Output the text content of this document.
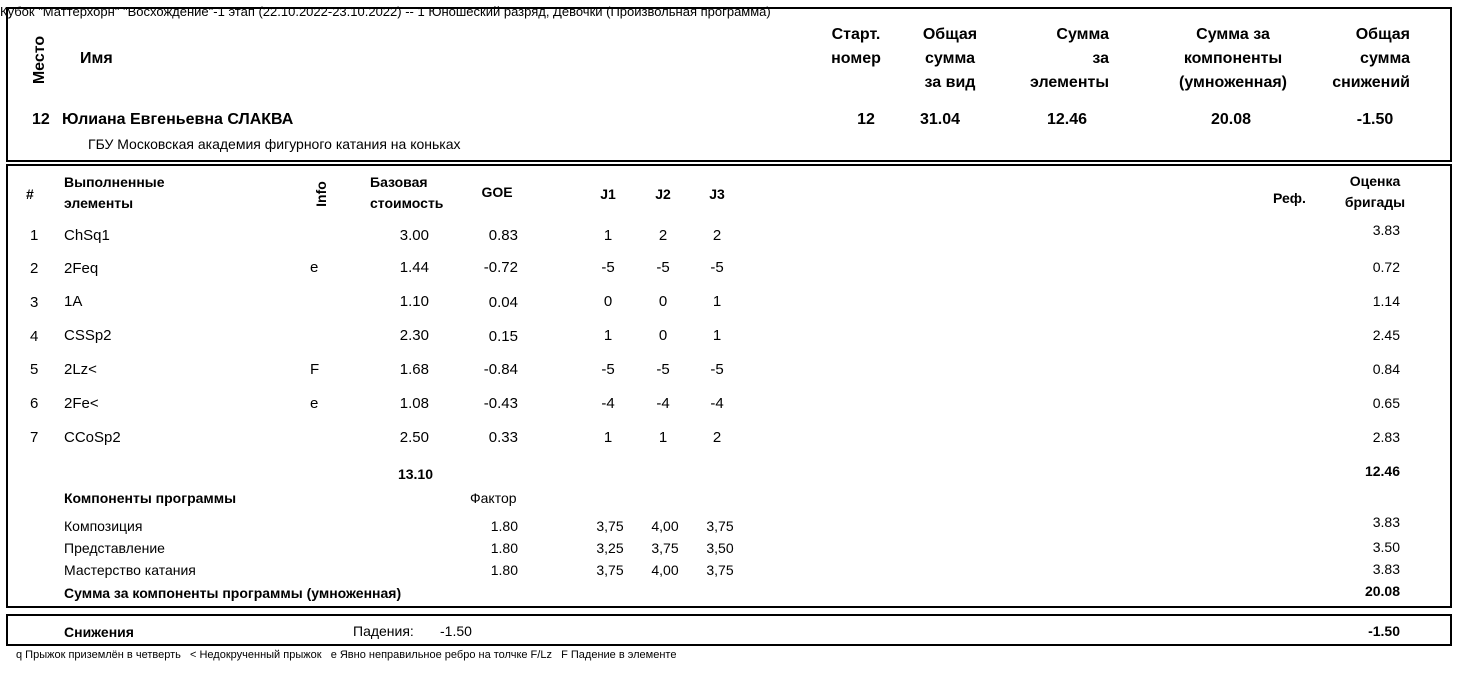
Кубок "Маттерхорн" "Восхождение"-1 этап (22.10.2022-23.10.2022) -- 1 Юношеский разряд, Девочки (Произвольная программа)
Место Имя
Старт.
номер
Общая
сумма
за вид
Сумма
за
элементы
Сумма за
компоненты
(умноженная)
Общая
сумма
снижений
12 Юлиана Евгеньевна СЛАКВА
ГБУ Московская академия фигурного катания на коньках
12	31.04	12.46	20.08	-1.50
#
Выполненные
элементы	Info	Базовая
стоимость
GOE	J1	J2	J3	Реф.
Оценка
бригады
1 ChSq1	3.00	0.83	1	2	2	3.83
2 2Feq	e	1.44	-0.72	-5	-5	-5	0.72
3 1A	1.10	0.04	0	0	1	1.14
4 CSSp2	2.30	0.15	1	0	1	2.45
5 2Lz<	F	1.68	-0.84	-5	-5	-5	0.84
6 2Fe<	e	1.08	-0.43	-4	-4	-4	0.65
7 CCoSp2	2.50	0.33	1	1	2	2.83
13.10	12.46
Компоненты программы	Фактор
Композиция	1.80	3,75	4,00	3,75	3.83
Представление	1.80	3,25	3,75	3,50	3.50
Мастерство катания	1.80	3,75	4,00	3,75	3.83
Сумма за компоненты программы (умноженная)	20.08
Снижения	Падения: -1.50	-1.50
q Прыжок приземлён в четверть   < Недокрученный прыжок   e Явно неправильное ребро на толчке F/Lz   F Падение в элементе
